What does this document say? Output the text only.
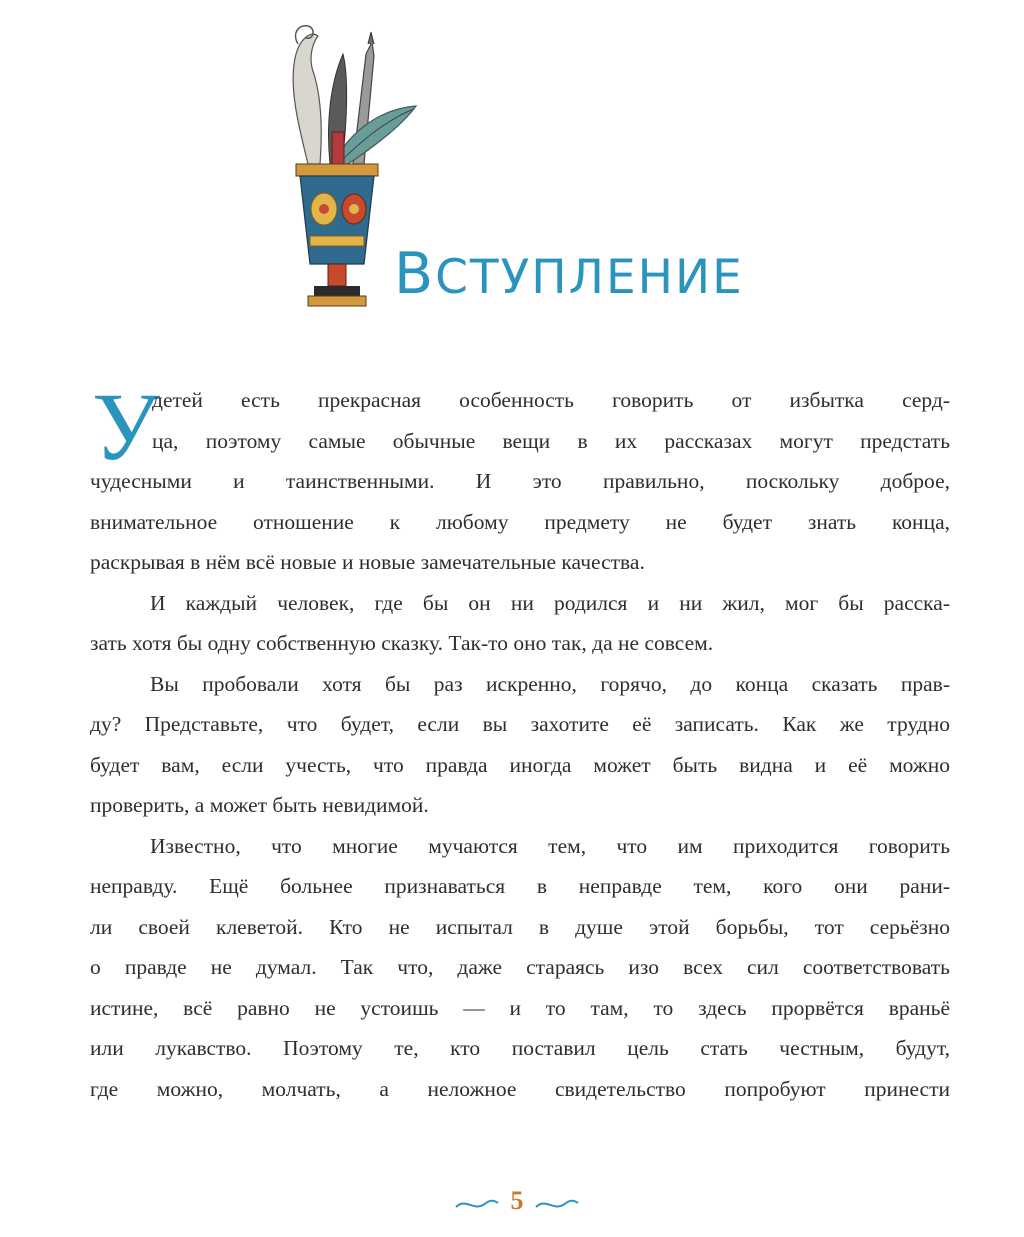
ВСТУПЛЕНИЕ
У
детей есть прекрасная особенность говорить от избытка серд-
ца, поэтому самые обычные вещи в их рассказах могут предстать
чудесными и таинственными. И это правильно, поскольку доброе,
внимательное отношение к любому предмету не будет знать конца,
раскрывая в нём всё новые и новые замечательные качества.
И каждый человек, где бы он ни родился и ни жил, мог бы расска-
зать хотя бы одну собственную сказку. Так-то оно так, да не совсем.
Вы пробовали хотя бы раз искренно, горячо, до конца сказать прав-
ду? Представьте, что будет, если вы захотите её записать. Как же трудно
будет вам, если учесть, что правда иногда может быть видна и её можно
проверить, а может быть невидимой.
Известно, что многие мучаются тем, что им приходится говорить
неправду. Ещё больнее признаваться в неправде тем, кого они рани-
ли своей клеветой. Кто не испытал в душе этой борьбы, тот серьёзно
о правде не думал. Так что, даже стараясь изо всех сил соответствовать
истине, всё равно не устоишь — и то там, то здесь прорвётся враньё
или лукавство. Поэтому те, кто поставил цель стать честным, будут,
где можно, молчать, а неложное свидетельство попробуют принести
5
